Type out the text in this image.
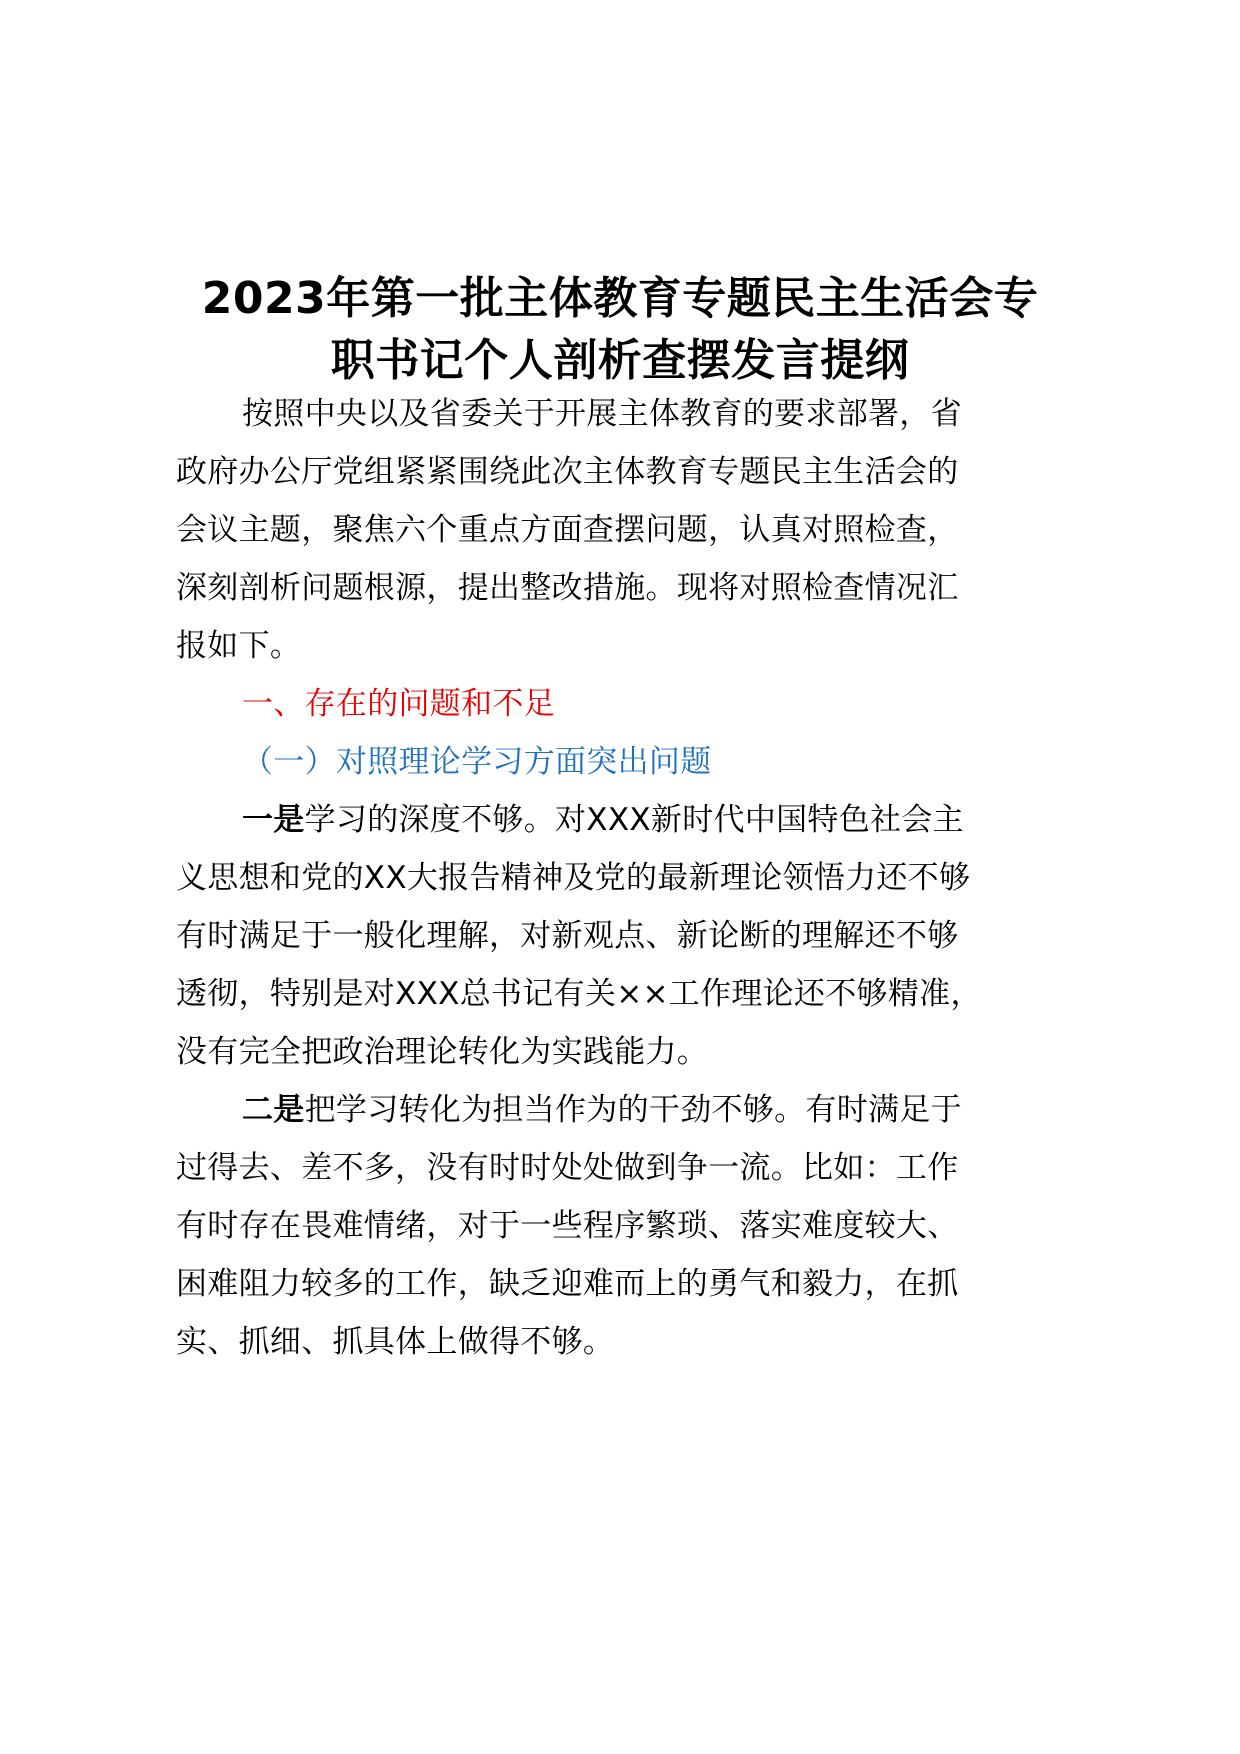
2023年第一批主体教育专题民主生活会专
职书记个人剖析查摆发言提纲
按照中央以及省委关于开展主体教育的要求部署，省
政府办公厅党组紧紧围绕此次主体教育专题民主生活会的
会议主题，聚焦六个重点方面查摆问题，认真对照检查，
深刻剖析问题根源，提出整改措施。现将对照检查情况汇
报如下。
一、存在的问题和不足
（一）对照理论学习方面突出问题
一是学习的深度不够。对XXX新时代中国特色社会主
义思想和党的XX大报告精神及党的最新理论领悟力还不够
有时满足于一般化理解，对新观点、新论断的理解还不够
透彻，特别是对XXX总书记有关××工作理论还不够精准，
没有完全把政治理论转化为实践能力。
二是把学习转化为担当作为的干劲不够。有时满足于
过得去、差不多，没有时时处处做到争一流。比如：工作
有时存在畏难情绪，对于一些程序繁琐、落实难度较大、
困难阻力较多的工作，缺乏迎难而上的勇气和毅力，在抓
实、抓细、抓具体上做得不够。
